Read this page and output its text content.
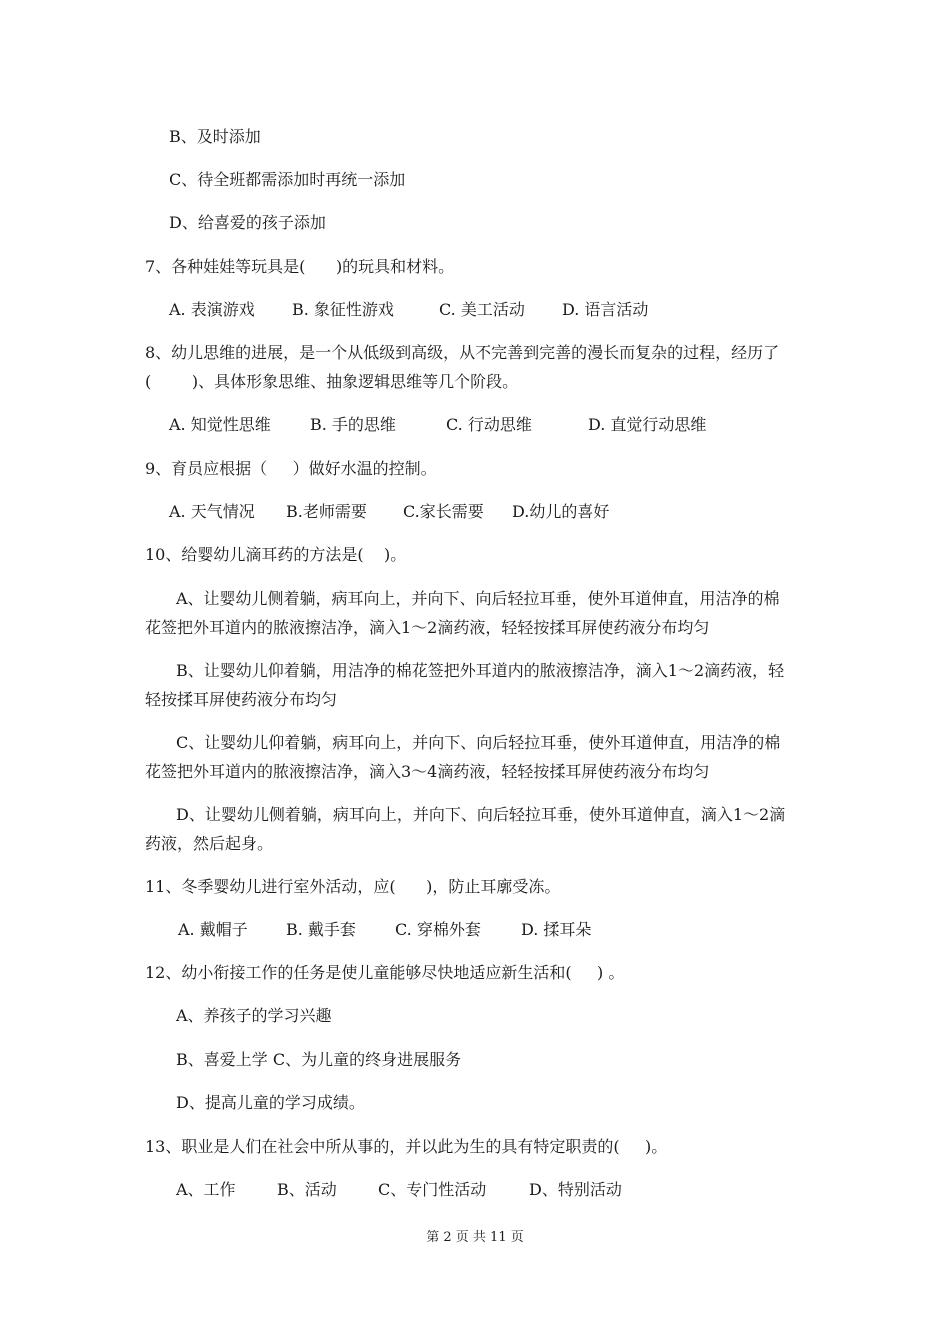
B、及时添加
C、待全班都需添加时再统一添加
D、给喜爱的孩子添加
7、各种娃娃等玩具是(      )的玩具和材料。
A. 表演游戏 B. 象征性游戏	C. 美工活动 D. 语言活动
8、幼儿思维的进展，是一个从低级到高级，从不完善到完善的漫长而复杂的过程，经历了
(        )、具体形象思维、抽象逻辑思维等几个阶段。
A. 知觉性思维 B. 手的思维	C. 行动思维	D. 直觉行动思维
9、育员应根据（     ）做好水温的控制。
A. 天气情况 B.老师需要 C.家长需要 D.幼儿的喜好
10、给婴幼儿滴耳药的方法是(    )。
A、让婴幼儿侧着躺，病耳向上，并向下、向后轻拉耳垂，使外耳道伸直，用洁净的棉
花签把外耳道内的脓液擦洁净，滴入1～2滴药液，轻轻按揉耳屏使药液分布均匀
B、让婴幼儿仰着躺，用洁净的棉花签把外耳道内的脓液擦洁净，滴入1～2滴药液，轻
轻按揉耳屏使药液分布均匀
C、让婴幼儿仰着躺，病耳向上，并向下、向后轻拉耳垂，使外耳道伸直，用洁净的棉
花签把外耳道内的脓液擦洁净，滴入3～4滴药液，轻轻按揉耳屏使药液分布均匀
D、让婴幼儿侧着躺，病耳向上，并向下、向后轻拉耳垂，使外耳道伸直，滴入1～2滴
药液，然后起身。
11、冬季婴幼儿进行室外活动，应(      )，防止耳廓受冻。
A. 戴帽子 B. 戴手套 C. 穿棉外套	D. 揉耳朵
12、幼小衔接工作的任务是使儿童能够尽快地适应新生活和(     ) 。
A、养孩子的学习兴趣
B、喜爱上学 C、为儿童的终身进展服务
D、提高儿童的学习成绩。
13、职业是人们在社会中所从事的，并以此为生的具有特定职责的(     )。
A、工作	B、活动	C、专门性活动	D、特别活动
第 2 页 共 11 页
